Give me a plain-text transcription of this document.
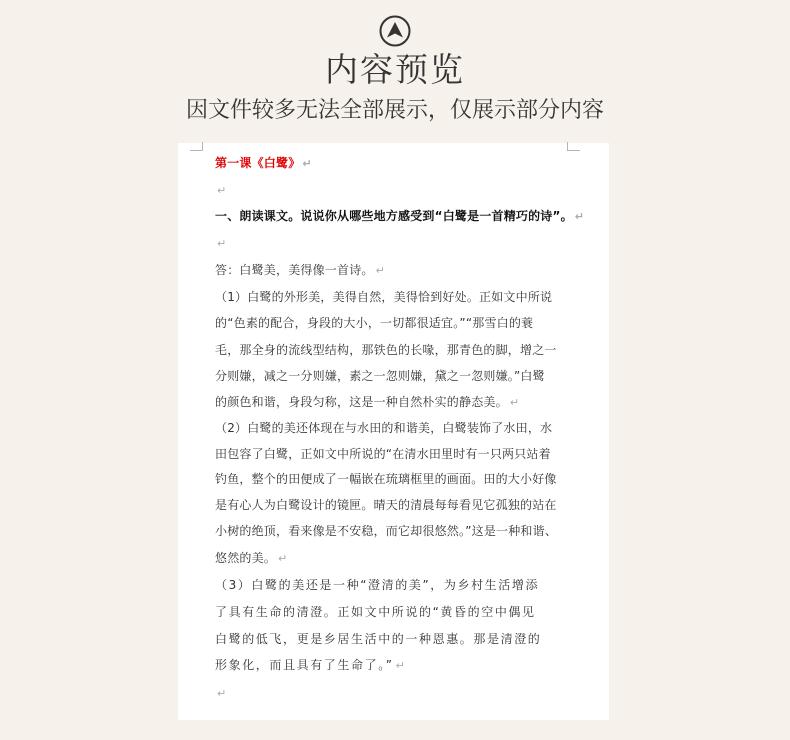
内容预览
因文件较多无法全部展示，仅展示部分内容
第一课《白鹭》 ↵
↵
一、朗读课文。说说你从哪些地方感受到“白鹭是一首精巧的诗”。 ↵
↵
答：白鹭美，美得像一首诗。 ↵
（1）白鹭的外形美，美得自然，美得恰到好处。正如文中所说
的“色素的配合，身段的大小，一切都很适宜。”“那雪白的蓑
毛，那全身的流线型结构，那铁色的长喙，那青色的脚，增之一
分则嫌，减之一分则嫌，素之一忽则嫌，黛之一忽则嫌。”白鹭
的颜色和谐，身段匀称，这是一种自然朴实的静态美。 ↵
（2）白鹭的美还体现在与水田的和谐美，白鹭装饰了水田，水
田包容了白鹭，正如文中所说的“在清水田里时有一只两只站着
钓鱼，整个的田便成了一幅嵌在琉璃框里的画面。田的大小好像
是有心人为白鹭设计的镜匣。晴天的清晨每每看见它孤独的站在
小树的绝顶，看来像是不安稳，而它却很悠然。”这是一种和谐、
悠然的美。 ↵
（3）白鹭的美还是一种“澄清的美”，为乡村生活增添
了具有生命的清澄。正如文中所说的“黄昏的空中偶见
白鹭的低飞，更是乡居生活中的一种恩惠。那是清澄的
形象化，而且具有了生命了。” ↵
↵
